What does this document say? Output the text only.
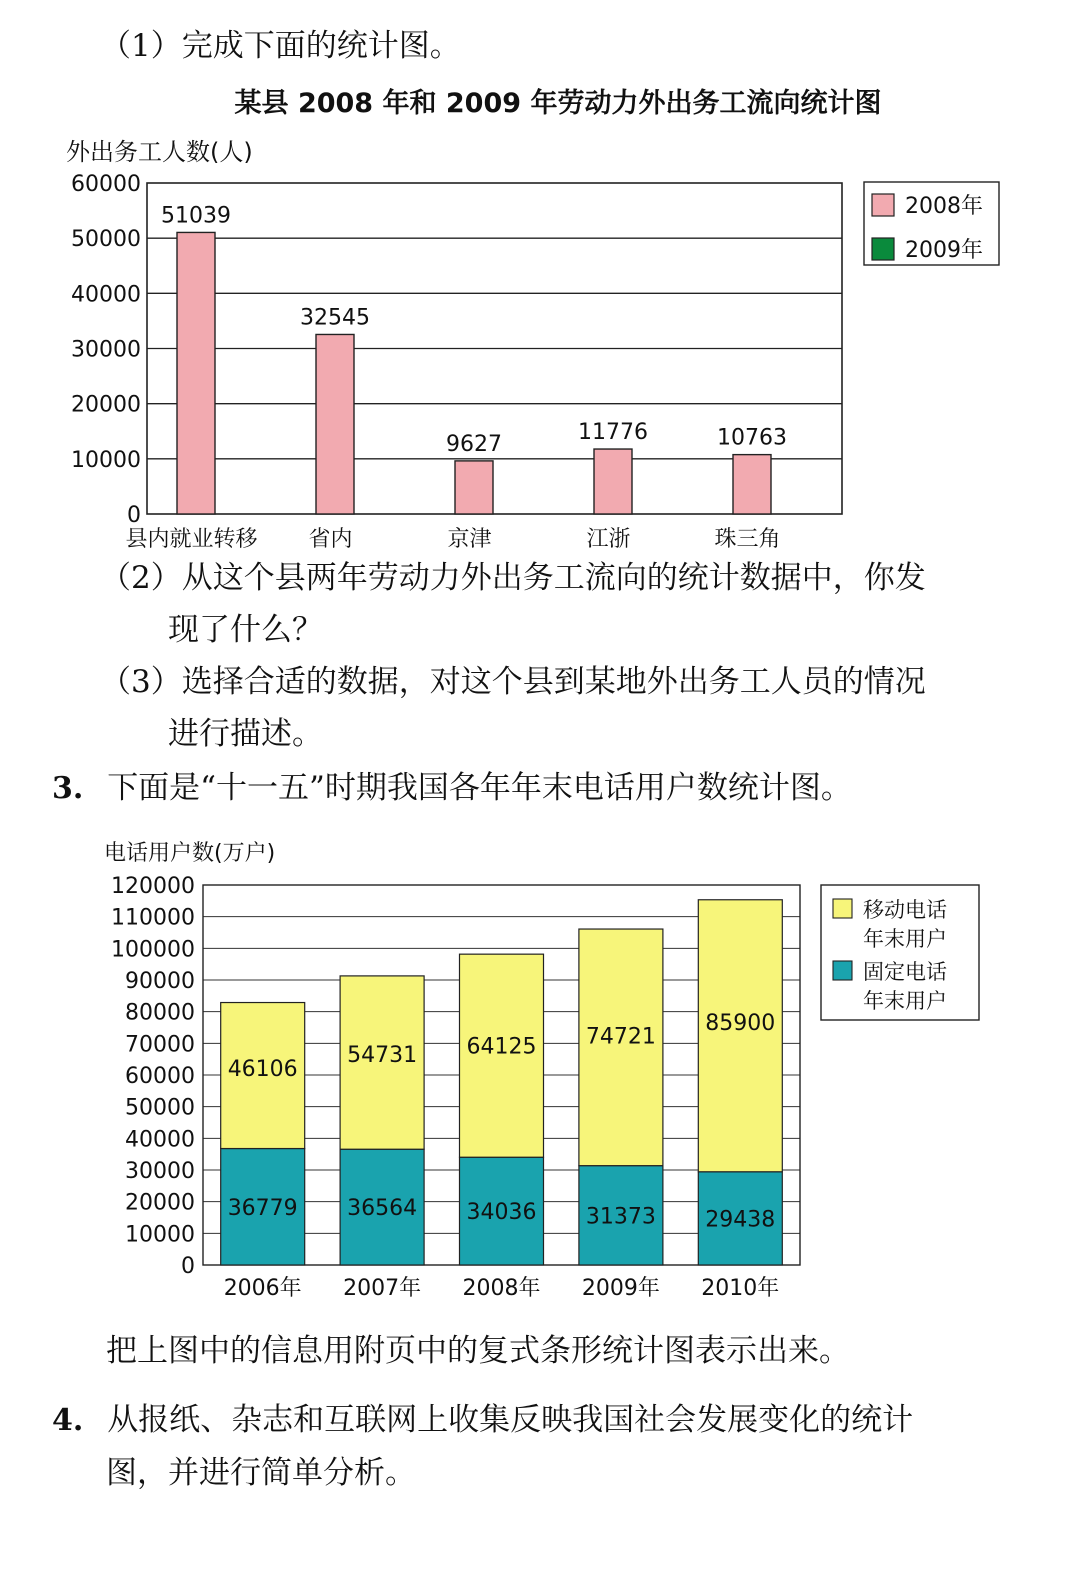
（1）完成下面的统计图。
某县 2008 年和 2009 年劳动力外出务工流向统计图
外出务工人数(人)
0
10000
20000
30000
40000
50000
60000
51039
县内就业转移
32545
省内
9627
京津
11776
江浙
10763
珠三角
2008年
2009年
（2）从这个县两年劳动力外出务工流向的统计数据中，你发
现了什么？
（3）选择合适的数据，对这个县到某地外出务工人员的情况
进行描述。
3. 下面是“十一五”时期我国各年年末电话用户数统计图。
电话用户数(万户)
0
10000
20000
30000
40000
50000
60000
70000
80000
90000
100000
110000
120000
36779
46106
2006年
36564
54731
2007年
34036
64125
2008年
31373
74721
2009年
29438
85900
2010年
移动电话
年末用户
固定电话
年末用户
把上图中的信息用附页中的复式条形统计图表示出来。
4. 从报纸、杂志和互联网上收集反映我国社会发展变化的统计
图，并进行简单分析。
